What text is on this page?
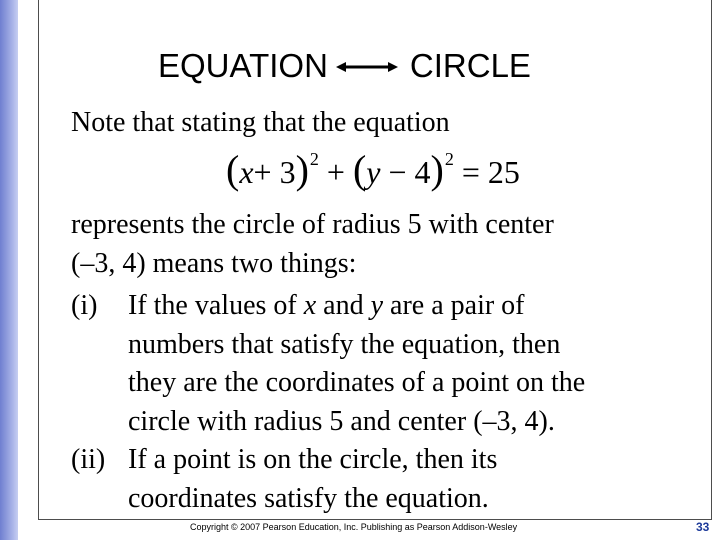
EQUATION CIRCLE
Note that stating that the equation
( x + 3 ) 2 + ( y − 4 ) 2 = 25
represents the circle of radius 5 with center
(–3, 4) means two things:
(i) If the values of x and y are a pair of
numbers that satisfy the equation, then
they are the coordinates of a point on the
circle with radius 5 and center (–3, 4).
(ii) If a point is on the circle, then its
coordinates satisfy the equation.
Copyright © 2007 Pearson Education, Inc. Publishing as Pearson Addison-Wesley	33
